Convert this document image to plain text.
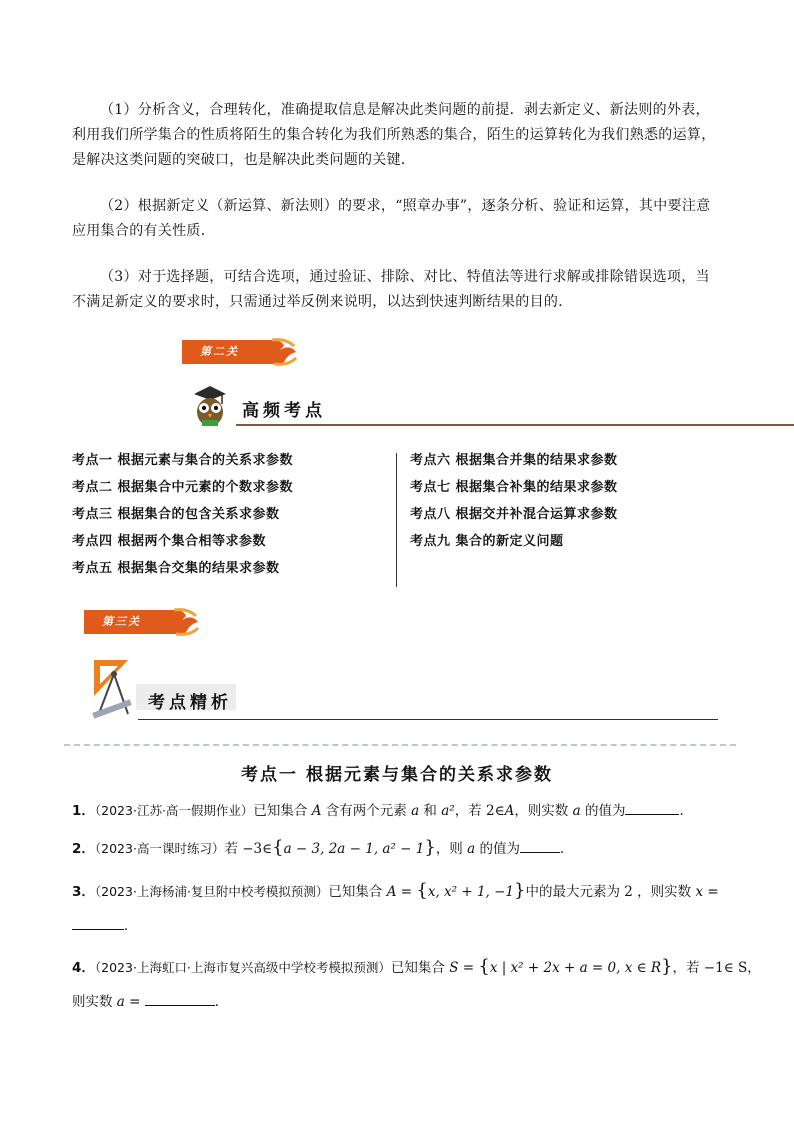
（1）分析含义，合理转化，准确提取信息是解决此类问题的前提．剥去新定义、新法则的外表，利用我们所学集合的性质将陌生的集合转化为我们所熟悉的集合，陌生的运算转化为我们熟悉的运算，是解决这类问题的突破口，也是解决此类问题的关键．

（2）根据新定义（新运算、新法则）的要求，“照章办事”，逐条分析、验证和运算，其中要注意应用集合的有关性质．

（3）对于选择题，可结合选项，通过验证、排除、对比、特值法等进行求解或排除错误选项，当不满足新定义的要求时，只需通过举反例来说明，以达到快速判断结果的目的．

第二关
高频考点
考点一 根据元素与集合的关系求参数
考点二 根据集合中元素的个数求参数
考点三 根据集合的包含关系求参数
考点四 根据两个集合相等求参数
考点五 根据集合交集的结果求参数
考点六 根据集合并集的结果求参数
考点七 根据集合补集的结果求参数
考点八 根据交并补混合运算求参数
考点九 集合的新定义问题
第三关
考点精析
考点一 根据元素与集合的关系求参数
1．（2023·江苏·高一假期作业）已知集合 A 含有两个元素 a 和 a²，若 2∈A，则实数 a 的值为	．
2．（2023·高一课时练习）若 −3∈{a − 3, 2a − 1, a² − 1}，则 a 的值为	．
3．（2023·上海杨浦·复旦附中校考模拟预测）已知集合 A = {x, x² + 1, −1}中的最大元素为 2 ，则实数 x =
．
4．（2023·上海虹口·上海市复兴高级中学校考模拟预测）已知集合 S = {x | x² + 2x + a = 0, x ∈ R}，若 −1∈ S，
则实数 a =	．
